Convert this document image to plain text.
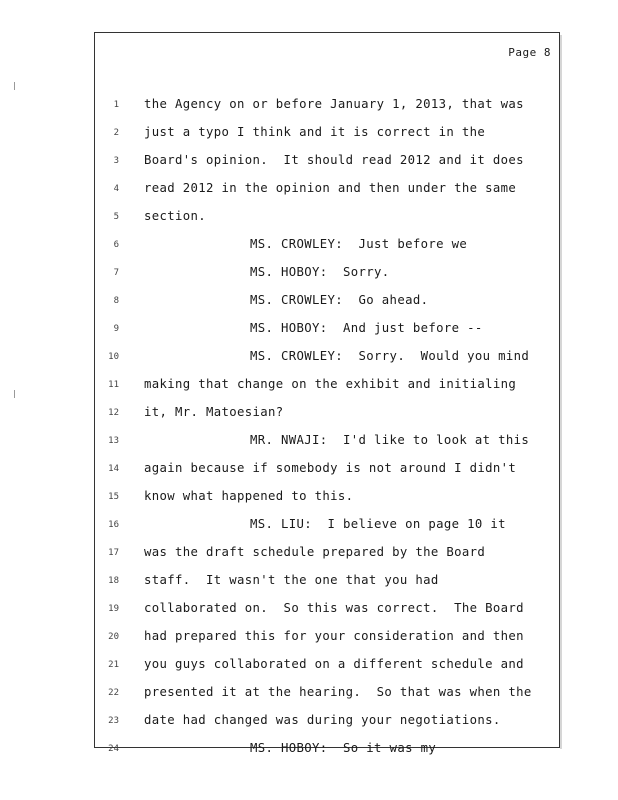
Page 8
1 the Agency on or before January 1, 2013, that was
2 just a typo I think and it is correct in the
3 Board's opinion.  It should read 2012 and it does
4 read 2012 in the opinion and then under the same
5 section.
6	MS. CROWLEY:  Just before we
7	MS. HOBOY:  Sorry.
8	MS. CROWLEY:  Go ahead.
9	MS. HOBOY:  And just before --
10	MS. CROWLEY:  Sorry.  Would you mind
11 making that change on the exhibit and initialing
12 it, Mr. Matoesian?
13	MR. NWAJI:  I'd like to look at this
14 again because if somebody is not around I didn't
15 know what happened to this.
16	MS. LIU:  I believe on page 10 it
17 was the draft schedule prepared by the Board
18 staff.  It wasn't the one that you had
19 collaborated on.  So this was correct.  The Board
20 had prepared this for your consideration and then
21 you guys collaborated on a different schedule and
22 presented it at the hearing.  So that was when the
23 date had changed was during your negotiations.
24	MS. HOBOY:  So it was my
